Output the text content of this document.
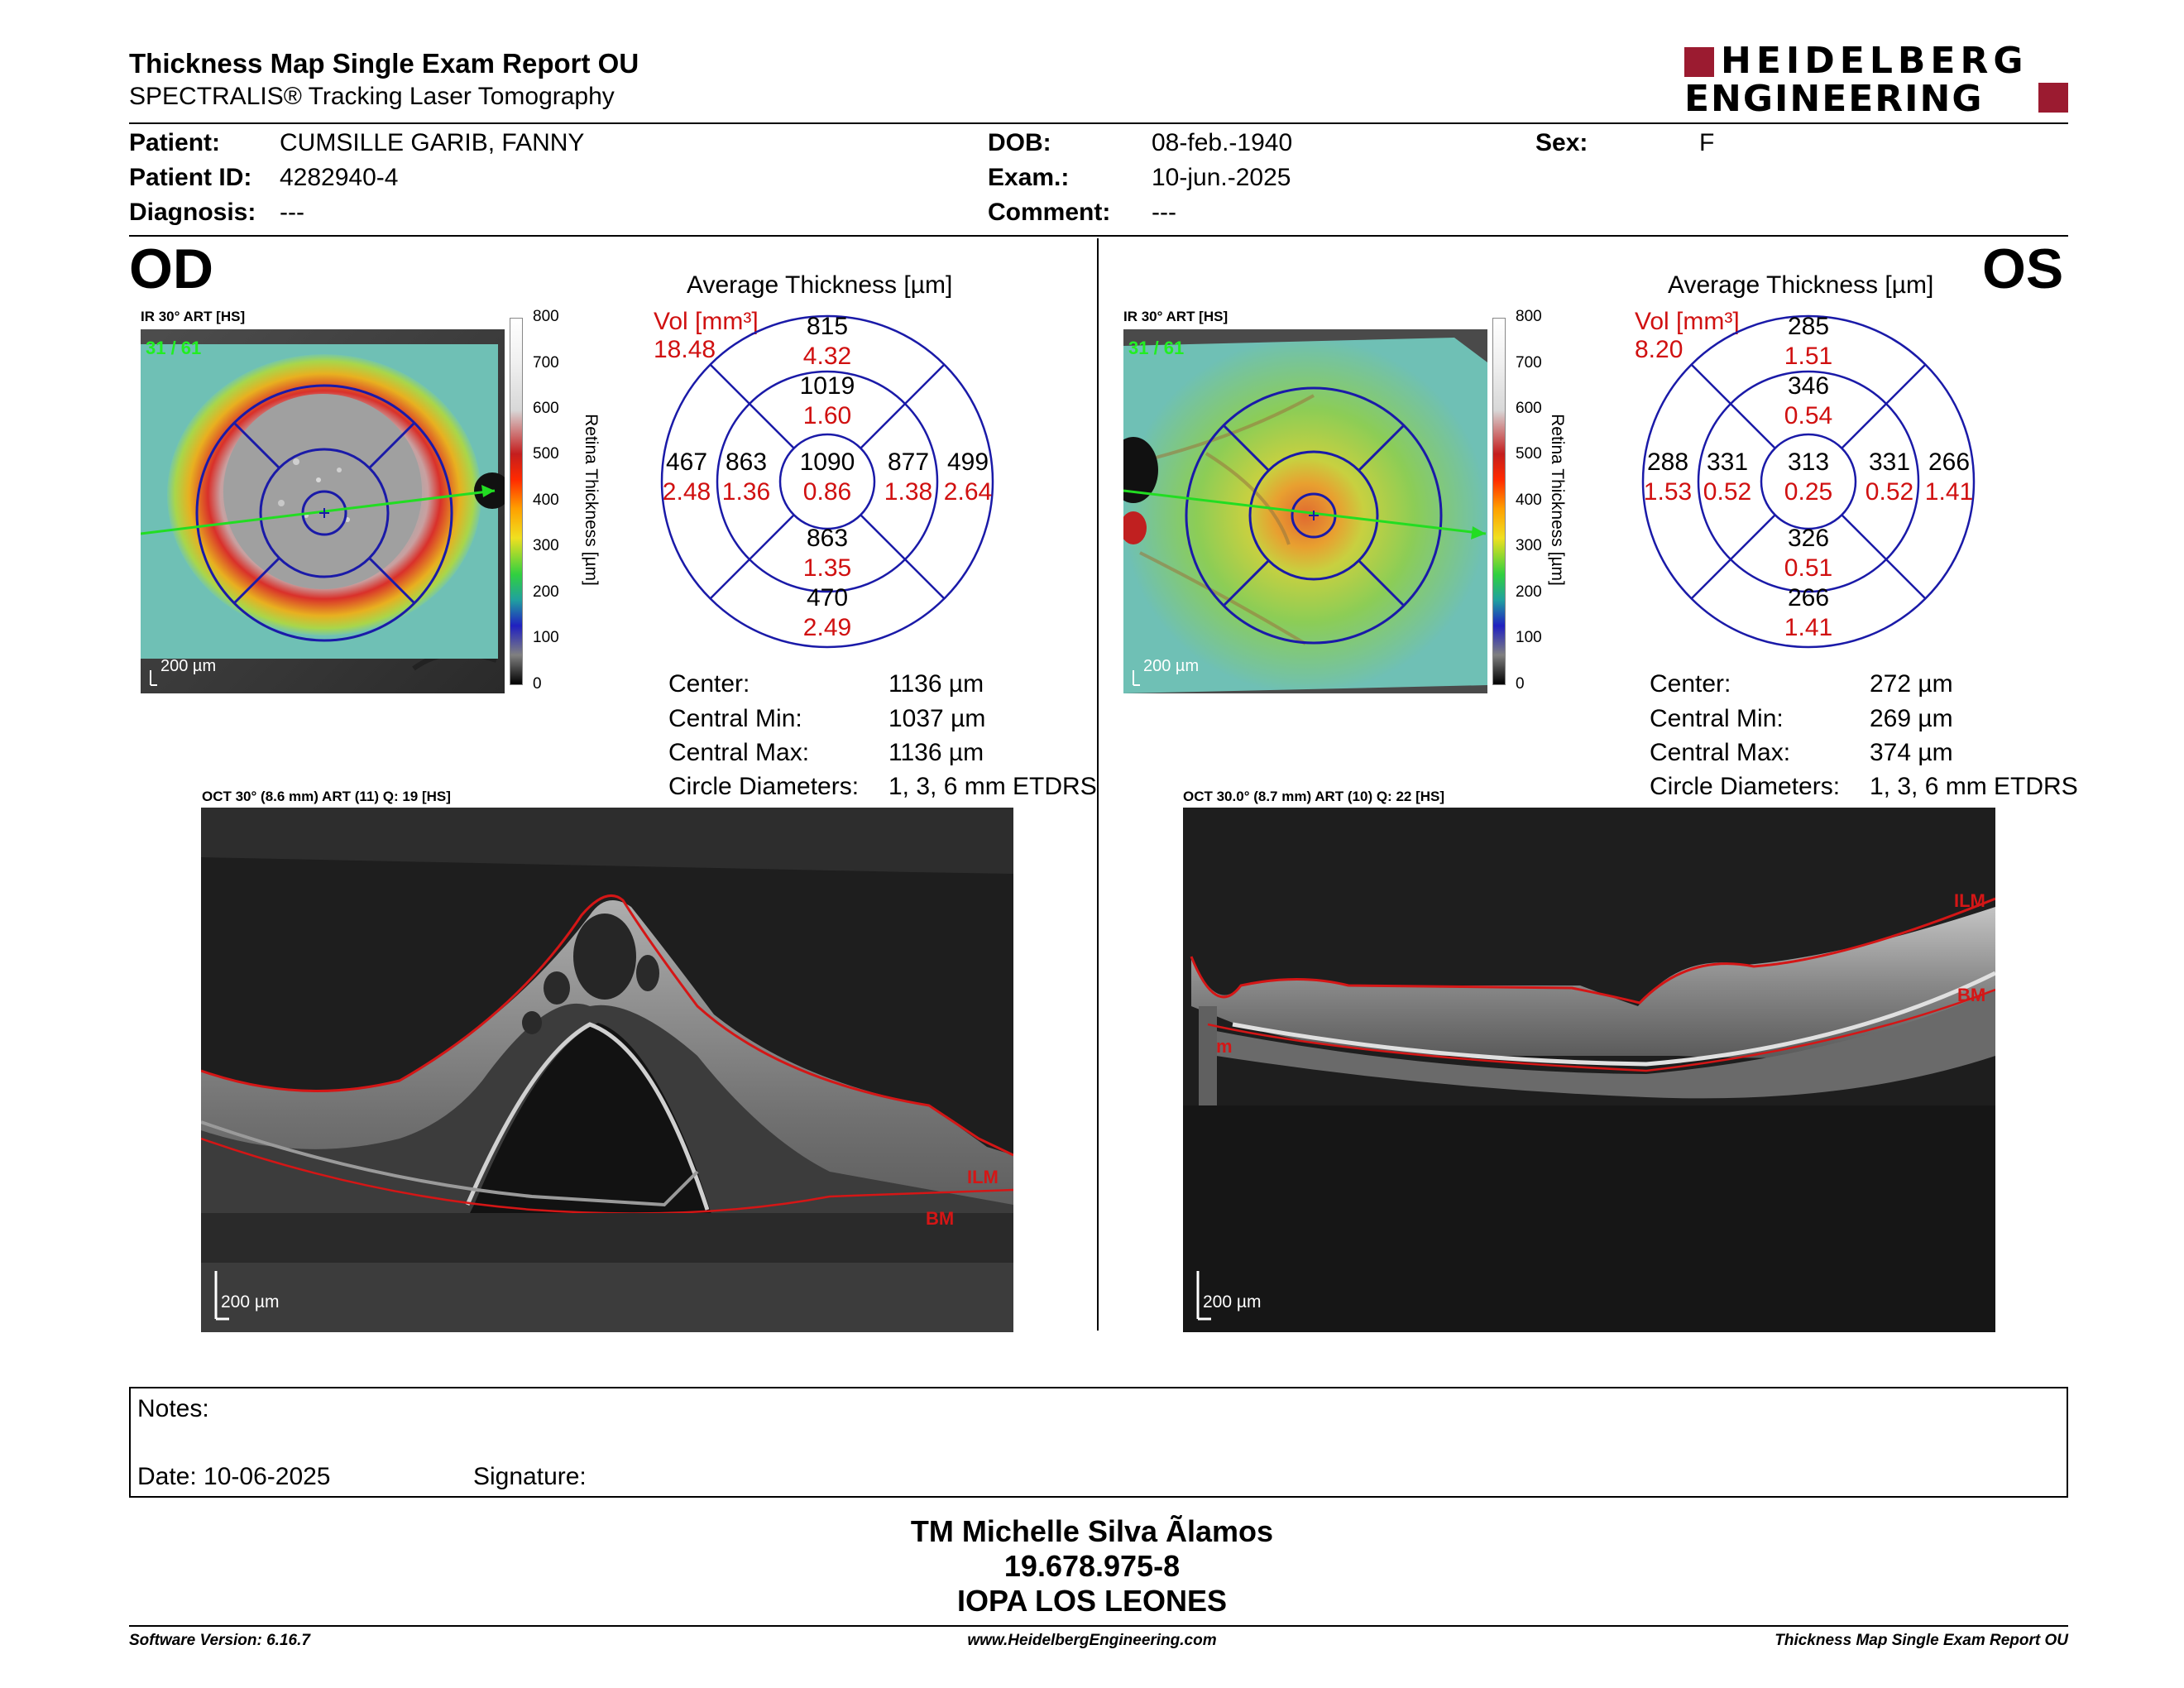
Thickness Map Single Exam Report OU
SPECTRALIS® Tracking Laser Tomography
HEIDELBERG
ENGINEERING
Patient: CUMSILLE GARIB, FANNY
Patient ID: 4282940-4
Diagnosis: ---
DOB:	08-feb.-1940
Exam.:	10-jun.-2025
Comment: ---
Sex:	F
OD
IR 30° ART [HS]
31 / 61
200 µm
800
700
600
500
400
300
200
100
0
Retina Thickness [µm]
Average Thickness [µm]
Vol [mm³]
18.48
815
4.32
1019
1.60
467
2.48
863
1.36
1090
0.86
877
1.38
499
2.64
863
1.35
470
2.49
Center:	1136 µm
Central Min:	1037 µm
Central Max:	1136 µm
Circle Diameters: 1, 3, 6 mm ETDRS
OCT 30° (8.6 mm) ART (11) Q: 19 [HS]
ILM
BM
200 µm
OS
IR 30° ART [HS]
31 / 61
200 µm
800
700
600
500
400
300
200
100
0
Retina Thickness [µm]
Average Thickness [µm]
Vol [mm³]
8.20
285
1.51
346
0.54
288
1.53
331
0.52
313
0.25
331
0.52
266
1.41
326
0.51
266
1.41
Center:	272 µm
Central Min:	269 µm
Central Max:	374 µm
Circle Diameters: 1, 3, 6 mm ETDRS
OCT 30.0° (8.7 mm) ART (10) Q: 22 [HS]
ILM
BM
m
200 µm
Notes:
Date: 10-06-2025	Signature:
TM Michelle Silva Ãlamos
19.678.975-8
IOPA LOS LEONES
Software Version: 6.16.7	www.HeidelbergEngineering.com	Thickness Map Single Exam Report OU
